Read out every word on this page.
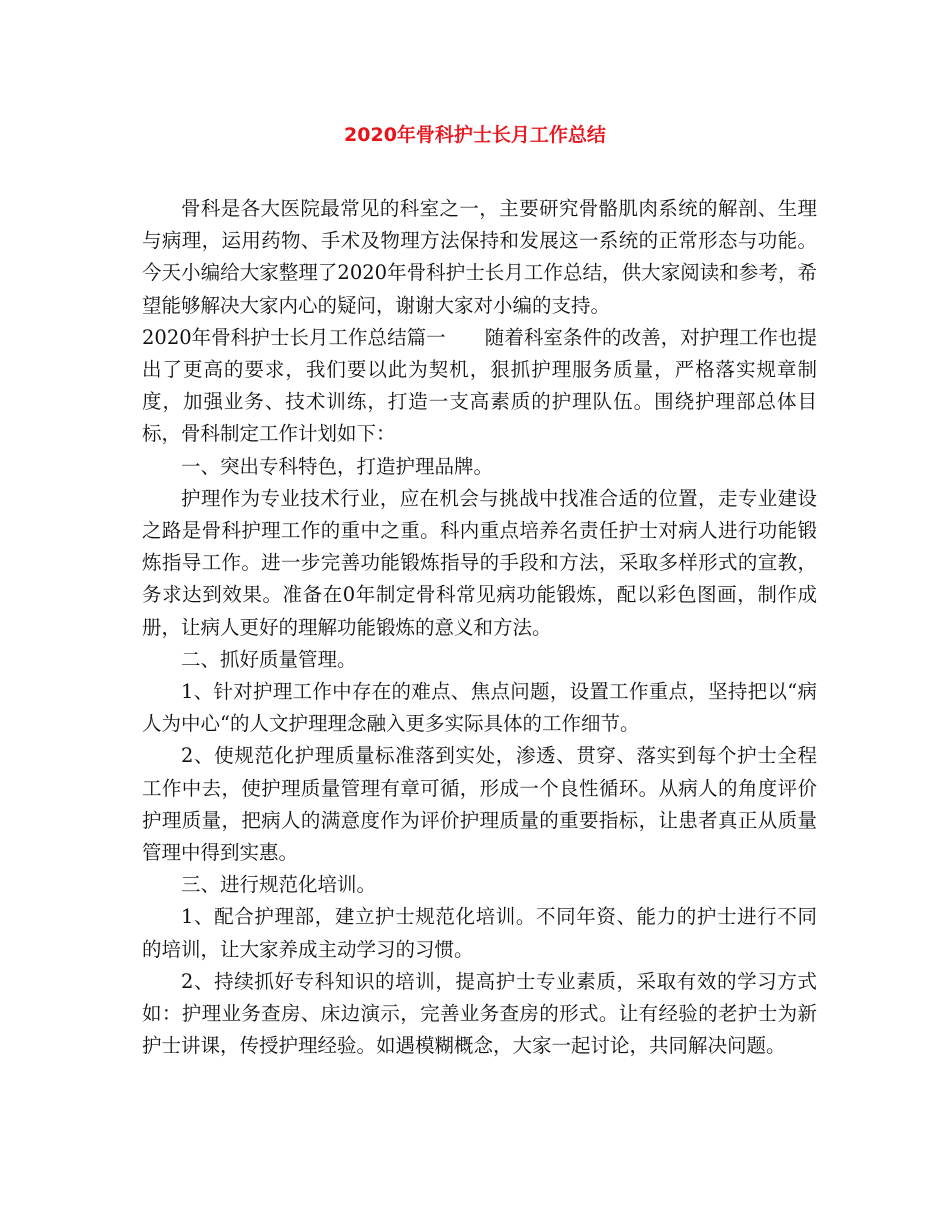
2020年骨科护士长月工作总结

骨科是各大医院最常见的科室之一，主要研究骨骼肌肉系统的解剖、生理与病理，运用药物、手术及物理方法保持和发展这一系统的正常形态与功能。今天小编给大家整理了2020年骨科护士长月工作总结，供大家阅读和参考，希望能够解决大家内心的疑问，谢谢大家对小编的支持。

2020年骨科护士长月工作总结篇一　　随着科室条件的改善，对护理工作也提出了更高的要求，我们要以此为契机，狠抓护理服务质量，严格落实规章制度，加强业务、技术训练，打造一支高素质的护理队伍。围绕护理部总体目标，骨科制定工作计划如下：

一、突出专科特色，打造护理品牌。

护理作为专业技术行业，应在机会与挑战中找准合适的位置，走专业建设之路是骨科护理工作的重中之重。科内重点培养名责任护士对病人进行功能锻炼指导工作。进一步完善功能锻炼指导的手段和方法，采取多样形式的宣教，务求达到效果。准备在0年制定骨科常见病功能锻炼，配以彩色图画，制作成册，让病人更好的理解功能锻炼的意义和方法。

二、抓好质量管理。

1、针对护理工作中存在的难点、焦点问题，设置工作重点，坚持把以“病人为中心“的人文护理理念融入更多实际具体的工作细节。

2、使规范化护理质量标准落到实处，渗透、贯穿、落实到每个护士全程工作中去，使护理质量管理有章可循，形成一个良性循环。从病人的角度评价护理质量，把病人的满意度作为评价护理质量的重要指标，让患者真正从质量管理中得到实惠。

三、进行规范化培训。

1、配合护理部，建立护士规范化培训。不同年资、能力的护士进行不同的培训，让大家养成主动学习的习惯。

2、持续抓好专科知识的培训，提高护士专业素质，采取有效的学习方式如：护理业务查房、床边演示，完善业务查房的形式。让有经验的老护士为新护士讲课，传授护理经验。如遇模糊概念，大家一起讨论，共同解决问题。
